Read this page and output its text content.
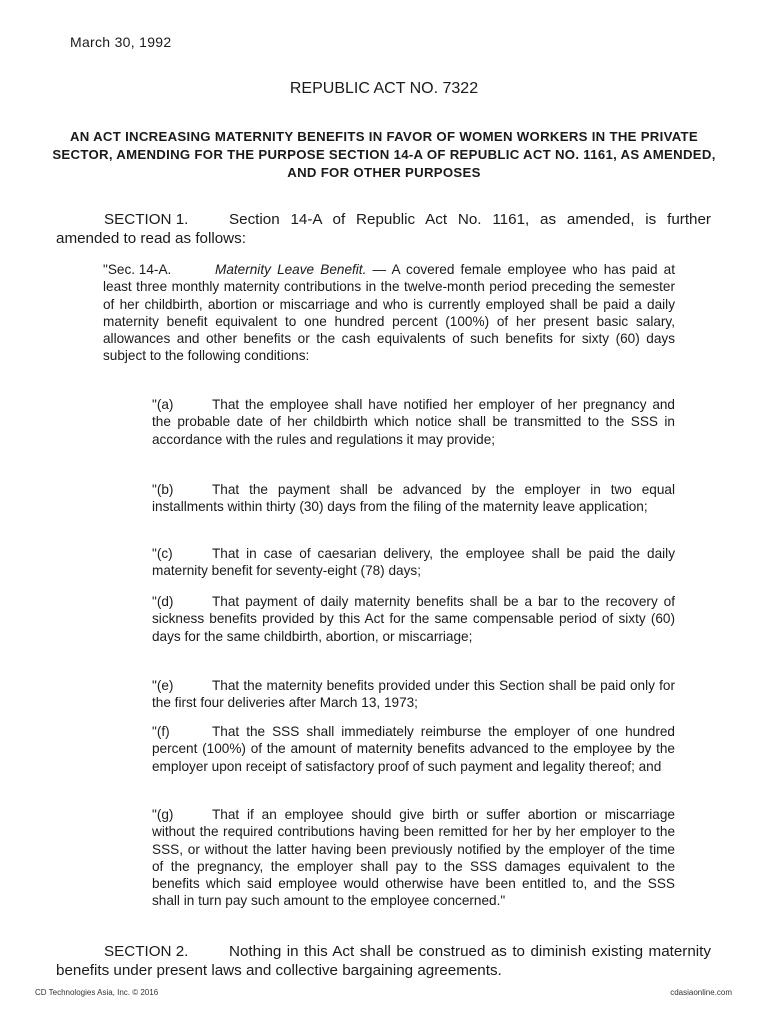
March 30, 1992
REPUBLIC ACT NO. 7322
AN ACT INCREASING MATERNITY BENEFITS IN FAVOR OF WOMEN WORKERS IN THE PRIVATE SECTOR, AMENDING FOR THE PURPOSE SECTION 14-A OF REPUBLIC ACT NO. 1161, AS AMENDED, AND FOR OTHER PURPOSES
SECTION 1.	Section 14-A of Republic Act No. 1161, as amended, is further amended to read as follows:
"Sec. 14-A.	Maternity Leave Benefit. — A covered female employee who has paid at least three monthly maternity contributions in the twelve-month period preceding the semester of her childbirth, abortion or miscarriage and who is currently employed shall be paid a daily maternity benefit equivalent to one hundred percent (100%) of her present basic salary, allowances and other benefits or the cash equivalents of such benefits for sixty (60) days subject to the following conditions:
"(a)	That the employee shall have notified her employer of her pregnancy and the probable date of her childbirth which notice shall be transmitted to the SSS in accordance with the rules and regulations it may provide;
"(b)	That the payment shall be advanced by the employer in two equal installments within thirty (30) days from the filing of the maternity leave application;
"(c)	That in case of caesarian delivery, the employee shall be paid the daily maternity benefit for seventy-eight (78) days;
"(d)	That payment of daily maternity benefits shall be a bar to the recovery of sickness benefits provided by this Act for the same compensable period of sixty (60) days for the same childbirth, abortion, or miscarriage;
"(e)	That the maternity benefits provided under this Section shall be paid only for the first four deliveries after March 13, 1973;
"(f)	That the SSS shall immediately reimburse the employer of one hundred percent (100%) of the amount of maternity benefits advanced to the employee by the employer upon receipt of satisfactory proof of such payment and legality thereof; and
"(g)	That if an employee should give birth or suffer abortion or miscarriage without the required contributions having been remitted for her by her employer to the SSS, or without the latter having been previously notified by the employer of the time of the pregnancy, the employer shall pay to the SSS damages equivalent to the benefits which said employee would otherwise have been entitled to, and the SSS shall in turn pay such amount to the employee concerned."
SECTION 2.	Nothing in this Act shall be construed as to diminish existing maternity benefits under present laws and collective bargaining agreements.
CD Technologies Asia, Inc. © 2016	cdasiaonline.com
